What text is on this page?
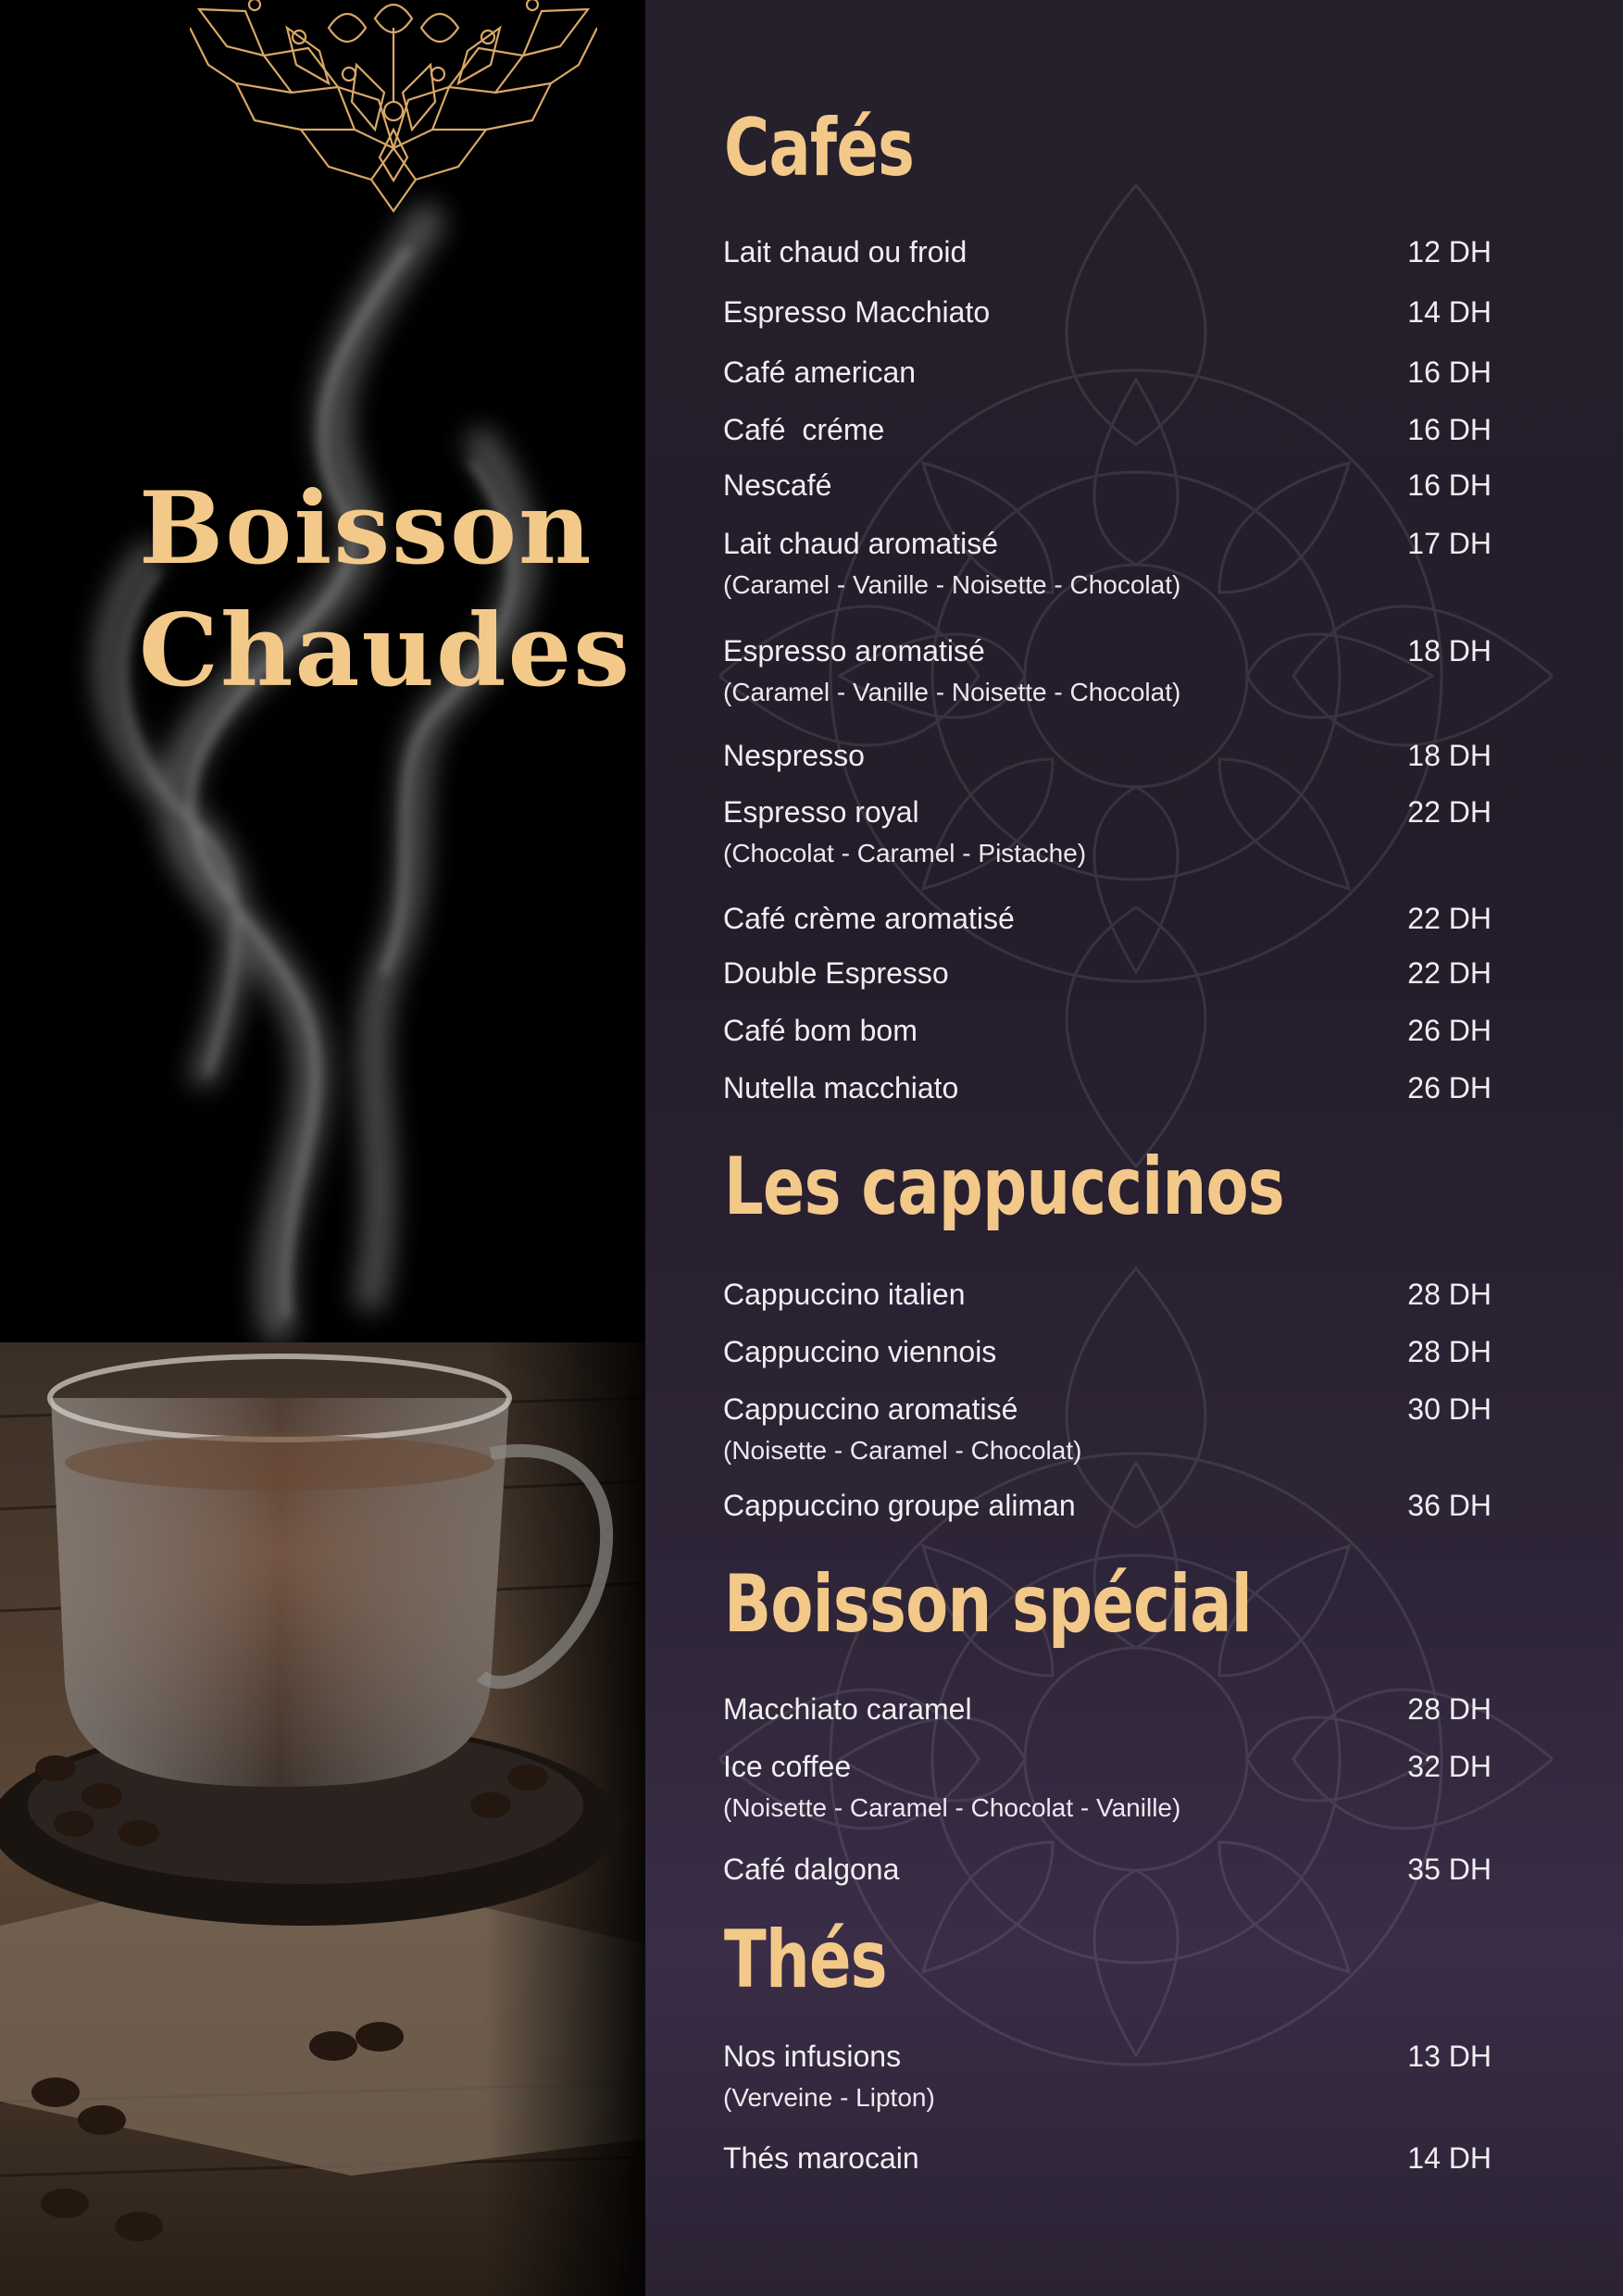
Boisson
Chaudes
Cafés
Lait chaud ou froid	12 DH
Espresso Macchiato	14 DH
Café american	16 DH
Café  créme	16 DH
Nescafé	16 DH
Lait chaud aromatisé	17 DH
(Caramel - Vanille - Noisette - Chocolat)
Espresso aromatisé	18 DH
(Caramel - Vanille - Noisette - Chocolat)
Nespresso	18 DH
Espresso royal	22 DH
(Chocolat - Caramel - Pistache)
Café crème aromatisé	22 DH
Double Espresso	22 DH
Café bom bom	26 DH
Nutella macchiato	26 DH
Les cappuccinos
Cappuccino italien	28 DH
Cappuccino viennois	28 DH
Cappuccino aromatisé	30 DH
(Noisette - Caramel - Chocolat)
Cappuccino groupe aliman	36 DH
Boisson spécial
Macchiato caramel	28 DH
Ice coffee	32 DH
(Noisette - Caramel - Chocolat - Vanille)
Café dalgona	35 DH
Thés
Nos infusions	13 DH
(Verveine - Lipton)
Thés marocain	14 DH
